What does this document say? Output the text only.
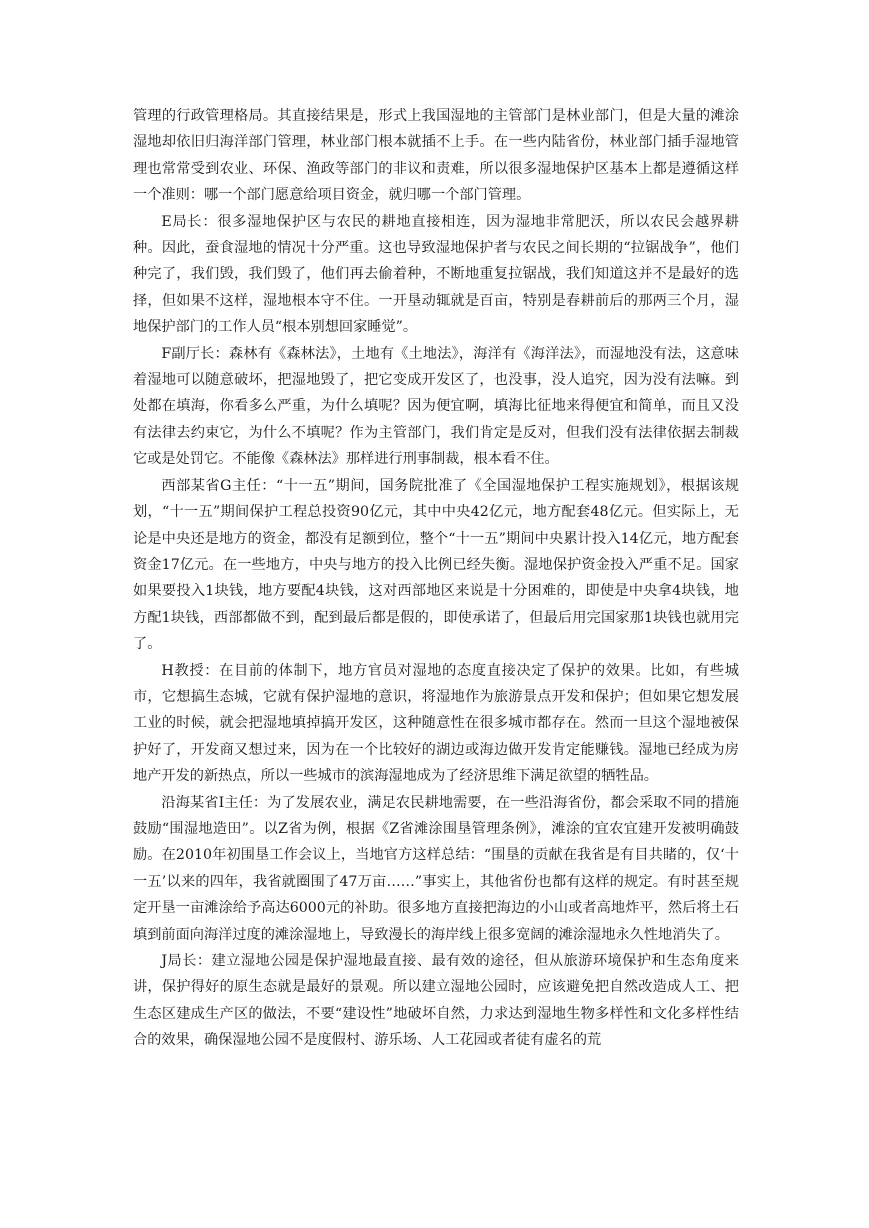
管理的行政管理格局。其直接结果是，形式上我国湿地的主管部门是林业部门，但是大量的滩涂湿地却依旧归海洋部门管理，林业部门根本就插不上手。在一些内陆省份，林业部门插手湿地管理也常常受到农业、环保、渔政等部门的非议和责难，所以很多湿地保护区基本上都是遵循这样一个准则：哪一个部门愿意给项目资金，就归哪一个部门管理。

E局长：很多湿地保护区与农民的耕地直接相连，因为湿地非常肥沃，所以农民会越界耕种。因此，蚕食湿地的情况十分严重。这也导致湿地保护者与农民之间长期的“拉锯战争”，他们种完了，我们毁，我们毁了，他们再去偷着种，不断地重复拉锯战，我们知道这并不是最好的选择，但如果不这样，湿地根本守不住。一开垦动辄就是百亩，特别是春耕前后的那两三个月，湿地保护部门的工作人员“根本别想回家睡觉”。

F副厅长：森林有《森林法》，土地有《土地法》，海洋有《海洋法》，而湿地没有法，这意味着湿地可以随意破坏，把湿地毁了，把它变成开发区了，也没事，没人追究，因为没有法嘛。到处都在填海，你看多么严重，为什么填呢？因为便宜啊，填海比征地来得便宜和简单，而且又没有法律去约束它，为什么不填呢？作为主管部门，我们肯定是反对，但我们没有法律依据去制裁它或是处罚它。不能像《森林法》那样进行刑事制裁，根本看不住。

西部某省G主任：“十一五”期间，国务院批准了《全国湿地保护工程实施规划》，根据该规划，“十一五”期间保护工程总投资90亿元，其中中央42亿元，地方配套48亿元。但实际上，无论是中央还是地方的资金，都没有足额到位，整个“十一五”期间中央累计投入14亿元，地方配套资金17亿元。在一些地方，中央与地方的投入比例已经失衡。湿地保护资金投入严重不足。国家如果要投入1块钱，地方要配4块钱，这对西部地区来说是十分困难的，即使是中央拿4块钱，地方配1块钱，西部都做不到，配到最后都是假的，即使承诺了，但最后用完国家那1块钱也就用完了。

H教授：在目前的体制下，地方官员对湿地的态度直接决定了保护的效果。比如，有些城市，它想搞生态城，它就有保护湿地的意识，将湿地作为旅游景点开发和保护；但如果它想发展工业的时候，就会把湿地填掉搞开发区，这种随意性在很多城市都存在。然而一旦这个湿地被保护好了，开发商又想过来，因为在一个比较好的湖边或海边做开发肯定能赚钱。湿地已经成为房地产开发的新热点，所以一些城市的滨海湿地成为了经济思维下满足欲望的牺牲品。

沿海某省I主任：为了发展农业，满足农民耕地需要，在一些沿海省份，都会采取不同的措施鼓励“围湿地造田”。以Z省为例，根据《Z省滩涂围垦管理条例》，滩涂的宜农宜建开发被明确鼓励。在2010年初围垦工作会议上，当地官方这样总结：“围垦的贡献在我省是有目共睹的，仅‘十一五’以来的四年，我省就圈围了47万亩……”事实上，其他省份也都有这样的规定。有时甚至规定开垦一亩滩涂给予高达6000元的补助。很多地方直接把海边的小山或者高地炸平，然后将土石填到前面向海洋过度的滩涂湿地上，导致漫长的海岸线上很多宽阔的滩涂湿地永久性地消失了。

J局长：建立湿地公园是保护湿地最直接、最有效的途径，但从旅游环境保护和生态角度来讲，保护得好的原生态就是最好的景观。所以建立湿地公园时，应该避免把自然改造成人工、把生态区建成生产区的做法，不要“建设性”地破坏自然，力求达到湿地生物多样性和文化多样性结合的效果，确保湿地公园不是度假村、游乐场、人工花园或者徒有虚名的荒
